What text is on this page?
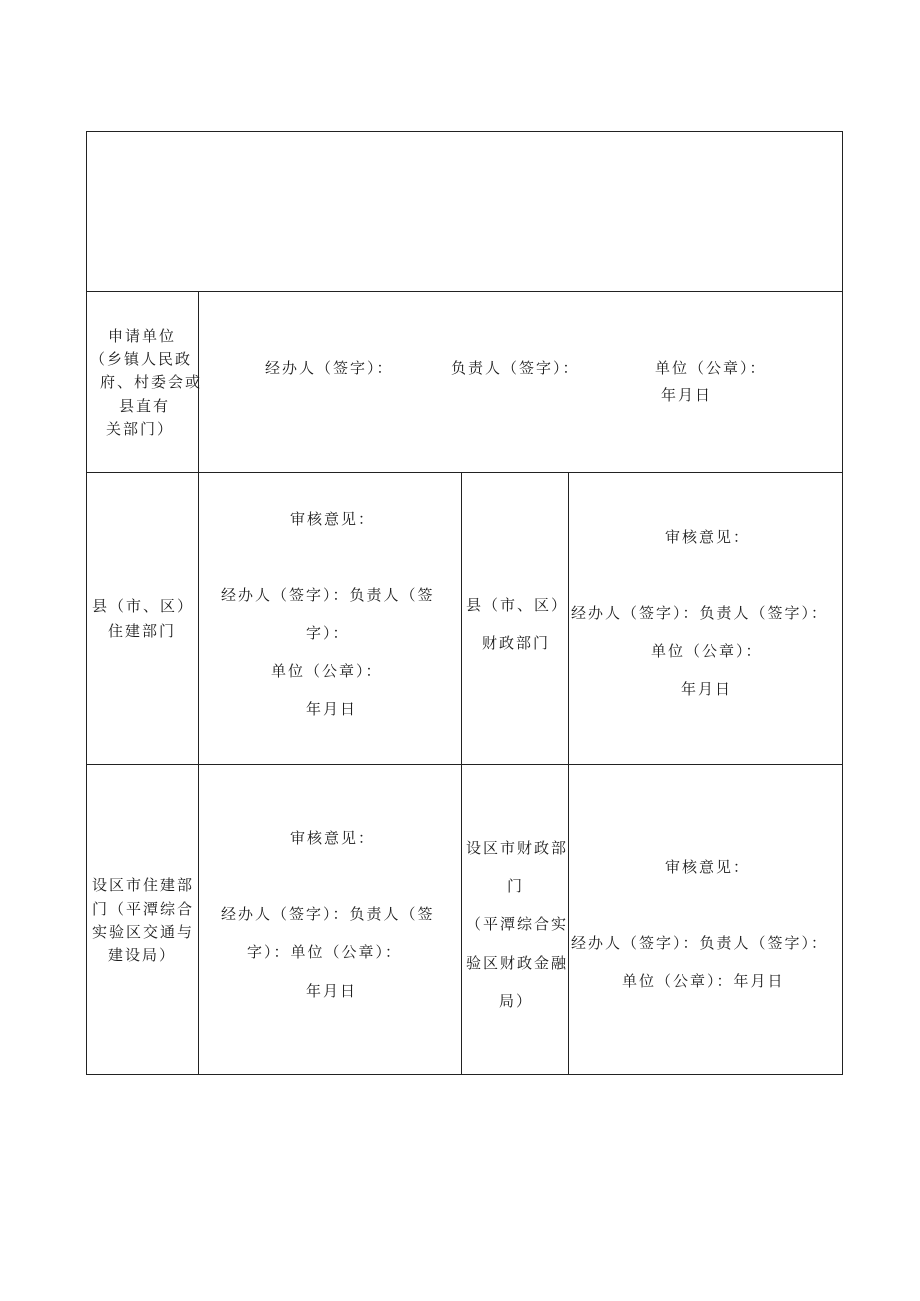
申请单位
（乡镇人民政
府、村委会或
县直有
关部门）
经办人（签字）：	负责人（签字）：	单位（公章）：
年月日
县（市、区）
住建部门
审核意见：
经办人（签字）：负责人（签
字）：
单位（公章）：
年月日
县（市、区）
财政部门
审核意见：
经办人（签字）：负责人（签字）：
单位（公章）：
年月日
设区市住建部
门（平潭综合
实验区交通与
建设局）
审核意见：
经办人（签字）：负责人（签
字）：单位（公章）：
年月日
设区市财政部
门
（平潭综合实
验区财政金融
局）
审核意见：
经办人（签字）：负责人（签字）：
单位（公章）：年月日
